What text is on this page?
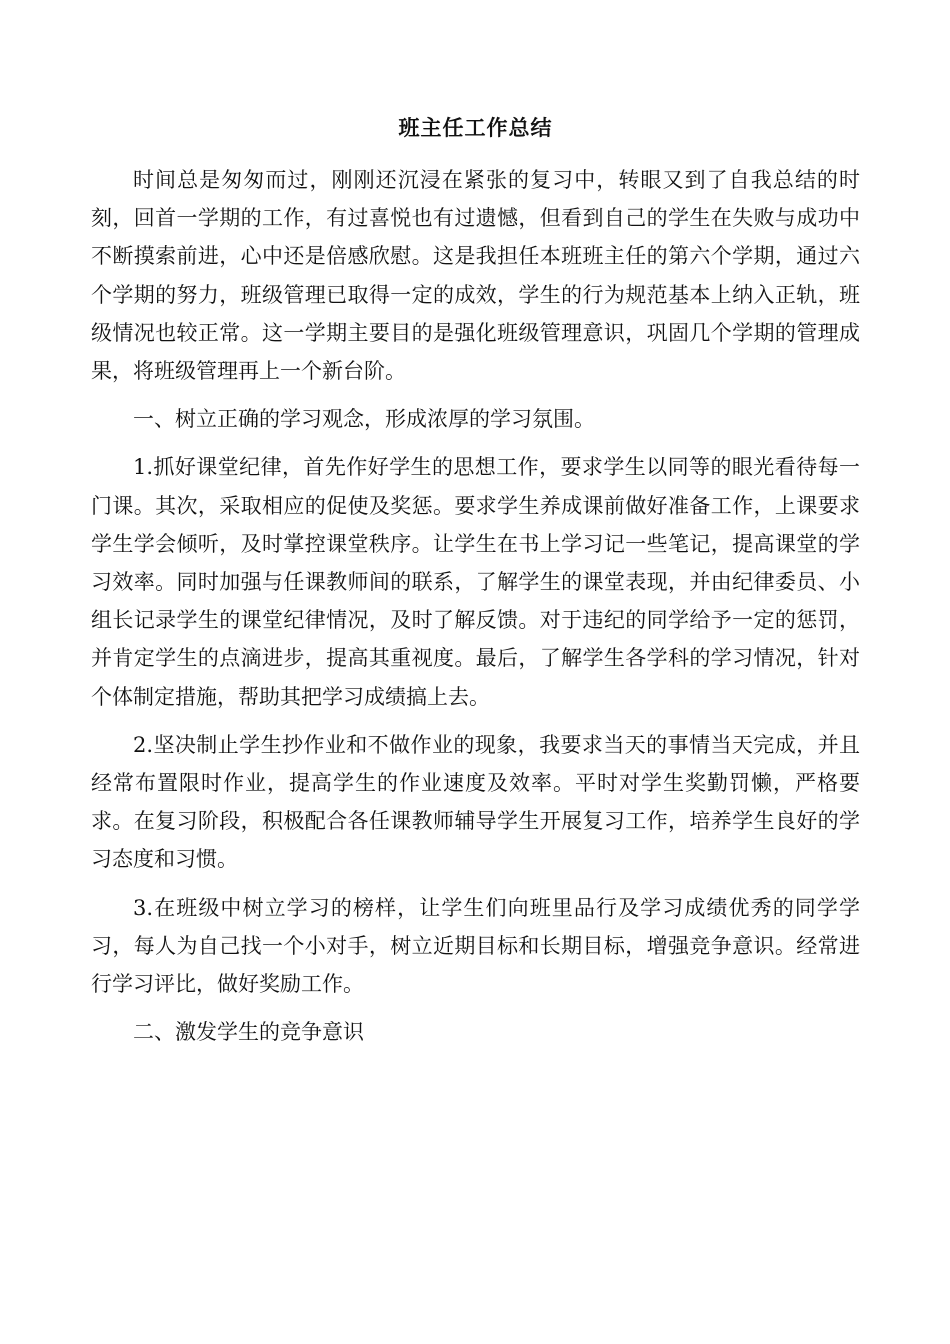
班主任工作总结

时间总是匆匆而过，刚刚还沉浸在紧张的复习中，转眼又到了自我总结的时刻，回首一学期的工作，有过喜悦也有过遗憾，但看到自己的学生在失败与成功中不断摸索前进，心中还是倍感欣慰。这是我担任本班班主任的第六个学期，通过六个学期的努力，班级管理已取得一定的成效，学生的行为规范基本上纳入正轨，班级情况也较正常。这一学期主要目的是强化班级管理意识，巩固几个学期的管理成果，将班级管理再上一个新台阶。

一、树立正确的学习观念，形成浓厚的学习氛围。

1.抓好课堂纪律，首先作好学生的思想工作，要求学生以同等的眼光看待每一门课。其次，采取相应的促使及奖惩。要求学生养成课前做好准备工作，上课要求学生学会倾听，及时掌控课堂秩序。让学生在书上学习记一些笔记，提高课堂的学习效率。同时加强与任课教师间的联系，了解学生的课堂表现，并由纪律委员、小组长记录学生的课堂纪律情况，及时了解反馈。对于违纪的同学给予一定的惩罚，并肯定学生的点滴进步，提高其重视度。最后，了解学生各学科的学习情况，针对个体制定措施，帮助其把学习成绩搞上去。

2.坚决制止学生抄作业和不做作业的现象，我要求当天的事情当天完成，并且经常布置限时作业，提高学生的作业速度及效率。平时对学生奖勤罚懒，严格要求。在复习阶段，积极配合各任课教师辅导学生开展复习工作，培养学生良好的学习态度和习惯。

3.在班级中树立学习的榜样，让学生们向班里品行及学习成绩优秀的同学学习，每人为自己找一个小对手，树立近期目标和长期目标，增强竞争意识。经常进行学习评比，做好奖励工作。

二、激发学生的竞争意识
